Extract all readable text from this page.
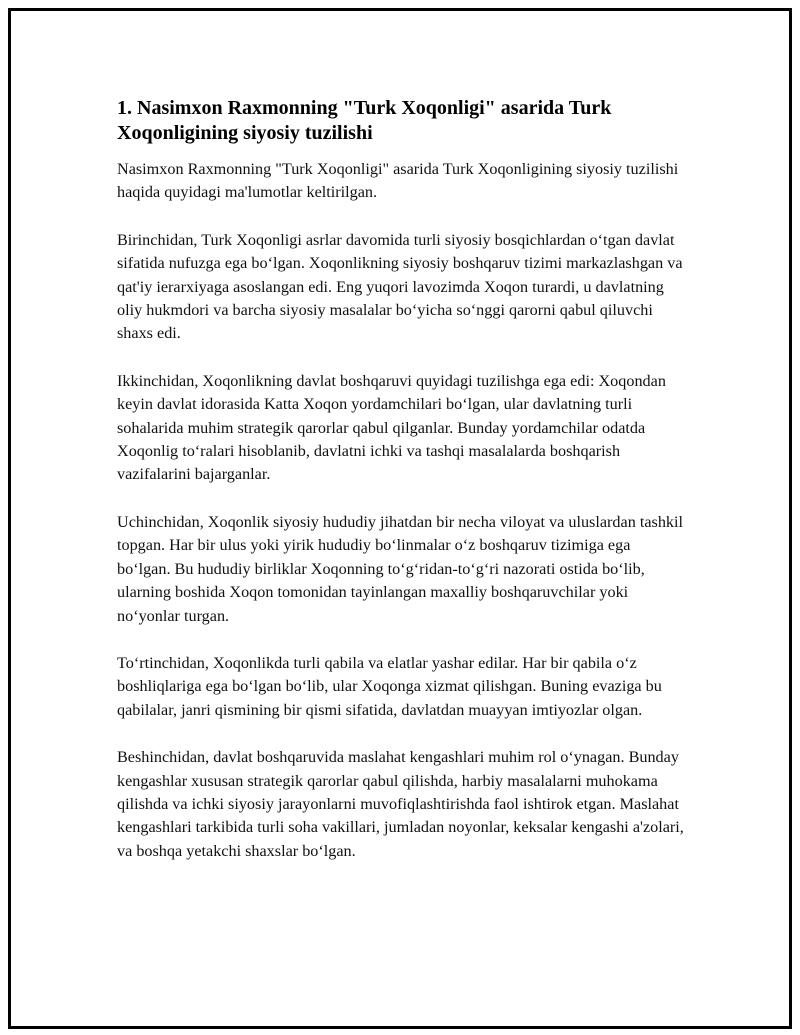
1. Nasimxon Raxmonning "Turk Xoqonligi" asarida Turk Xoqonligining siyosiy tuzilishi

Nasimxon Raxmonning "Turk Xoqonligi" asarida Turk Xoqonligining siyosiy tuzilishi haqida quyidagi ma'lumotlar keltirilgan.

Birinchidan, Turk Xoqonligi asrlar davomida turli siyosiy bosqichlardan o‘tgan davlat sifatida nufuzga ega bo‘lgan. Xoqonlikning siyosiy boshqaruv tizimi markazlashgan va qat'iy ierarxiyaga asoslangan edi. Eng yuqori lavozimda Xoqon turardi, u davlatning oliy hukmdori va barcha siyosiy masalalar bo‘yicha so‘nggi qarorni qabul qiluvchi shaxs edi.

Ikkinchidan, Xoqonlikning davlat boshqaruvi quyidagi tuzilishga ega edi: Xoqondan keyin davlat idorasida Katta Xoqon yordamchilari bo‘lgan, ular davlatning turli sohalarida muhim strategik qarorlar qabul qilganlar. Bunday yordamchilar odatda Xoqonlig to‘ralari hisoblanib, davlatni ichki va tashqi masalalarda boshqarish vazifalarini bajarganlar.

Uchinchidan, Xoqonlik siyosiy hududiy jihatdan bir necha viloyat va uluslardan tashkil topgan. Har bir ulus yoki yirik hududiy bo‘linmalar o‘z boshqaruv tizimiga ega bo‘lgan. Bu hududiy birliklar Xoqonning to‘g‘ridan-to‘g‘ri nazorati ostida bo‘lib, ularning boshida Xoqon tomonidan tayinlangan maxalliy boshqaruvchilar yoki no‘yonlar turgan.

To‘rtinchidan, Xoqonlikda turli qabila va elatlar yashar edilar. Har bir qabila o‘z boshliqlariga ega bo‘lgan bo‘lib, ular Xoqonga xizmat qilishgan. Buning evaziga bu qabilalar, janri qismining bir qismi sifatida, davlatdan muayyan imtiyozlar olgan.

Beshinchidan, davlat boshqaruvida maslahat kengashlari muhim rol o‘ynagan. Bunday kengashlar xususan strategik qarorlar qabul qilishda, harbiy masalalarni muhokama qilishda va ichki siyosiy jarayonlarni muvofiqlashtirishda faol ishtirok etgan. Maslahat kengashlari tarkibida turli soha vakillari, jumladan noyonlar, keksalar kengashi a'zolari, va boshqa yetakchi shaxslar bo‘lgan.
